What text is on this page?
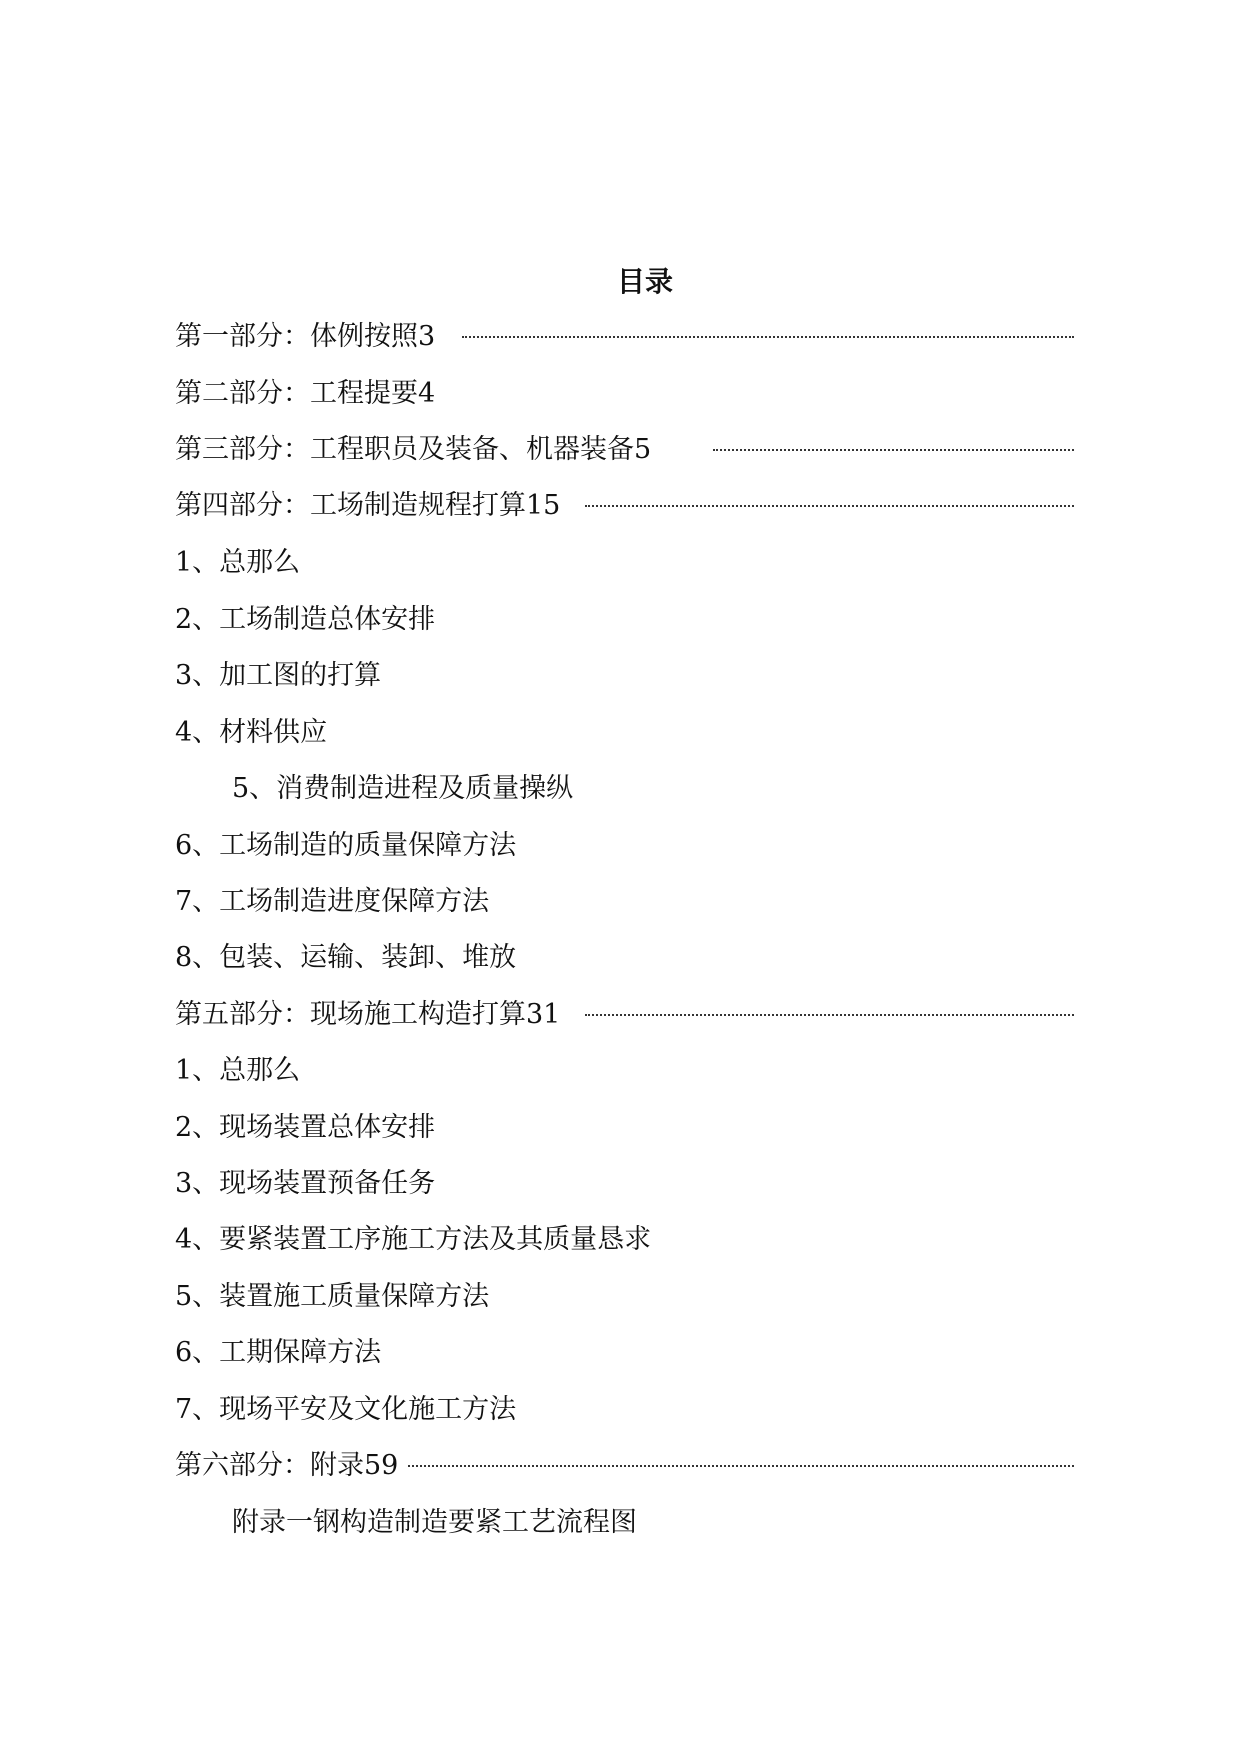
目录
第一部分：体例按照 3
第二部分：工程提要 4
第三部分：工程职员及装备、机器装备 5
第四部分：工场制造规程打算 15
1、总那么
2、工场制造总体安排
3、加工图的打算
4、材料供应
5、消费制造进程及质量操纵
6、工场制造的质量保障方法
7、工场制造进度保障方法
8、包装、运输、装卸、堆放
第五部分：现场施工构造打算 31
1、总那么
2、现场装置总体安排
3、现场装置预备任务
4、要紧装置工序施工方法及其质量恳求
5、装置施工质量保障方法
6、工期保障方法
7、现场平安及文化施工方法
第六部分：附录 59
附录一钢构造制造要紧工艺流程图
